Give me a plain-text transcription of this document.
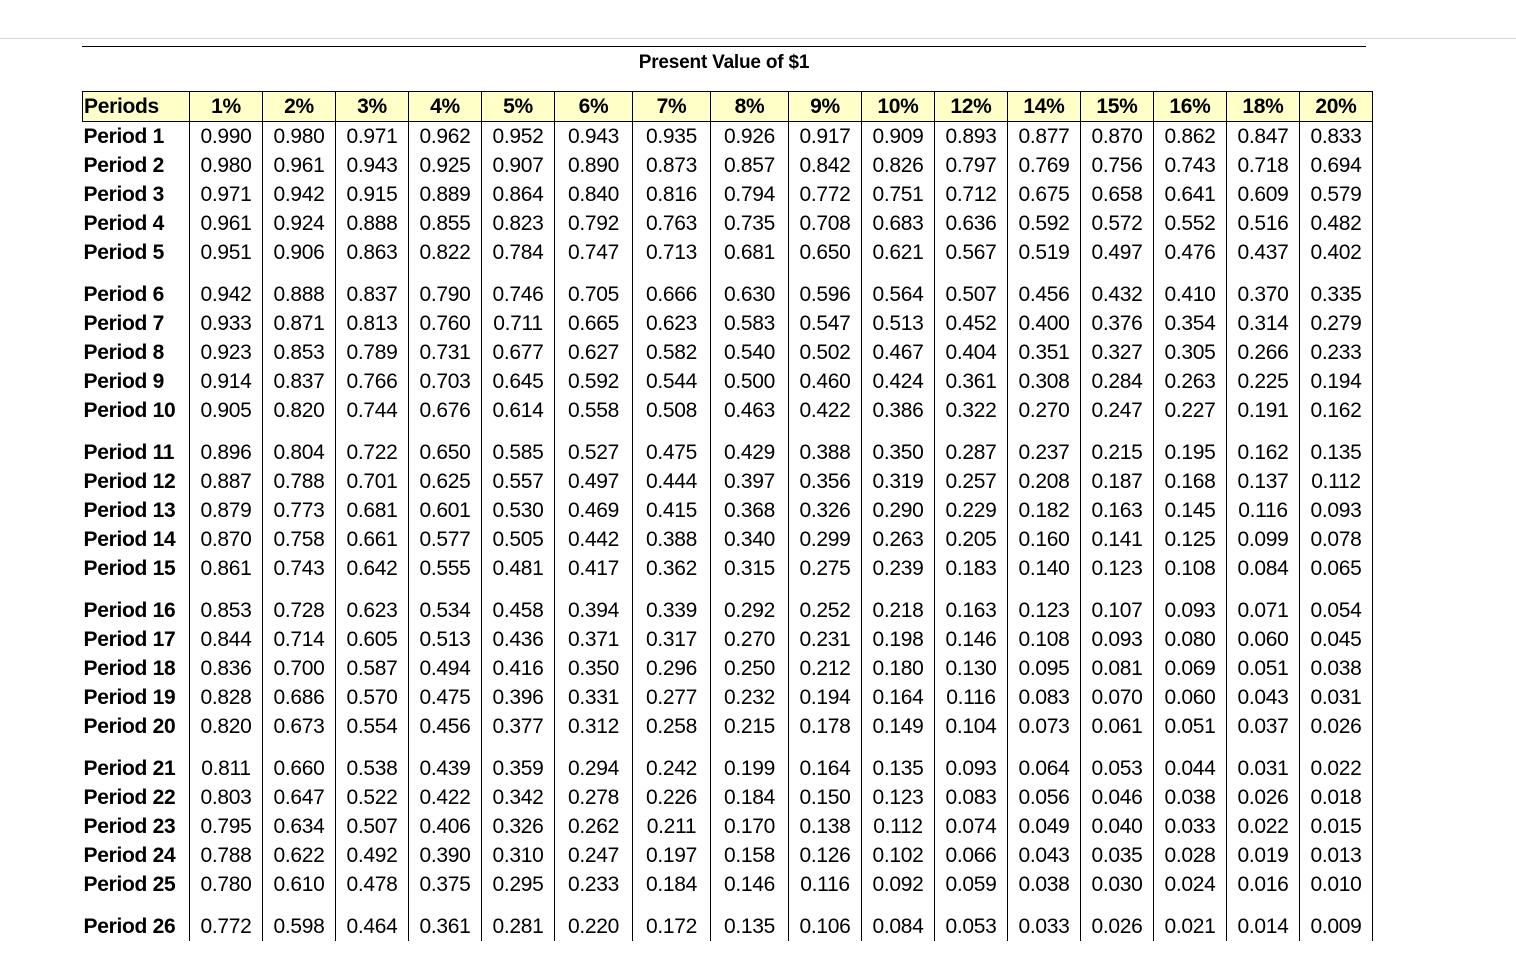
Present Value of $1
Periods	1%	2%	3%	4%	5%	6%	7%	8%	9%	10%	12%	14%	15%	16%	18%	20%
Period 1	0.990	0.980	0.971	0.962	0.952	0.943	0.935	0.926	0.917	0.909	0.893	0.877	0.870	0.862	0.847	0.833
Period 2	0.980	0.961	0.943	0.925	0.907	0.890	0.873	0.857	0.842	0.826	0.797	0.769	0.756	0.743	0.718	0.694
Period 3	0.971	0.942	0.915	0.889	0.864	0.840	0.816	0.794	0.772	0.751	0.712	0.675	0.658	0.641	0.609	0.579
Period 4	0.961	0.924	0.888	0.855	0.823	0.792	0.763	0.735	0.708	0.683	0.636	0.592	0.572	0.552	0.516	0.482
Period 5	0.951	0.906	0.863	0.822	0.784	0.747	0.713	0.681	0.650	0.621	0.567	0.519	0.497	0.476	0.437	0.402
Period 6	0.942	0.888	0.837	0.790	0.746	0.705	0.666	0.630	0.596	0.564	0.507	0.456	0.432	0.410	0.370	0.335
Period 7	0.933	0.871	0.813	0.760	0.711	0.665	0.623	0.583	0.547	0.513	0.452	0.400	0.376	0.354	0.314	0.279
Period 8	0.923	0.853	0.789	0.731	0.677	0.627	0.582	0.540	0.502	0.467	0.404	0.351	0.327	0.305	0.266	0.233
Period 9	0.914	0.837	0.766	0.703	0.645	0.592	0.544	0.500	0.460	0.424	0.361	0.308	0.284	0.263	0.225	0.194
Period 10	0.905	0.820	0.744	0.676	0.614	0.558	0.508	0.463	0.422	0.386	0.322	0.270	0.247	0.227	0.191	0.162
Period 11	0.896	0.804	0.722	0.650	0.585	0.527	0.475	0.429	0.388	0.350	0.287	0.237	0.215	0.195	0.162	0.135
Period 12	0.887	0.788	0.701	0.625	0.557	0.497	0.444	0.397	0.356	0.319	0.257	0.208	0.187	0.168	0.137	0.112
Period 13	0.879	0.773	0.681	0.601	0.530	0.469	0.415	0.368	0.326	0.290	0.229	0.182	0.163	0.145	0.116	0.093
Period 14	0.870	0.758	0.661	0.577	0.505	0.442	0.388	0.340	0.299	0.263	0.205	0.160	0.141	0.125	0.099	0.078
Period 15	0.861	0.743	0.642	0.555	0.481	0.417	0.362	0.315	0.275	0.239	0.183	0.140	0.123	0.108	0.084	0.065
Period 16	0.853	0.728	0.623	0.534	0.458	0.394	0.339	0.292	0.252	0.218	0.163	0.123	0.107	0.093	0.071	0.054
Period 17	0.844	0.714	0.605	0.513	0.436	0.371	0.317	0.270	0.231	0.198	0.146	0.108	0.093	0.080	0.060	0.045
Period 18	0.836	0.700	0.587	0.494	0.416	0.350	0.296	0.250	0.212	0.180	0.130	0.095	0.081	0.069	0.051	0.038
Period 19	0.828	0.686	0.570	0.475	0.396	0.331	0.277	0.232	0.194	0.164	0.116	0.083	0.070	0.060	0.043	0.031
Period 20	0.820	0.673	0.554	0.456	0.377	0.312	0.258	0.215	0.178	0.149	0.104	0.073	0.061	0.051	0.037	0.026
Period 21	0.811	0.660	0.538	0.439	0.359	0.294	0.242	0.199	0.164	0.135	0.093	0.064	0.053	0.044	0.031	0.022
Period 22	0.803	0.647	0.522	0.422	0.342	0.278	0.226	0.184	0.150	0.123	0.083	0.056	0.046	0.038	0.026	0.018
Period 23	0.795	0.634	0.507	0.406	0.326	0.262	0.211	0.170	0.138	0.112	0.074	0.049	0.040	0.033	0.022	0.015
Period 24	0.788	0.622	0.492	0.390	0.310	0.247	0.197	0.158	0.126	0.102	0.066	0.043	0.035	0.028	0.019	0.013
Period 25	0.780	0.610	0.478	0.375	0.295	0.233	0.184	0.146	0.116	0.092	0.059	0.038	0.030	0.024	0.016	0.010
Period 26	0.772	0.598	0.464	0.361	0.281	0.220	0.172	0.135	0.106	0.084	0.053	0.033	0.026	0.021	0.014	0.009
